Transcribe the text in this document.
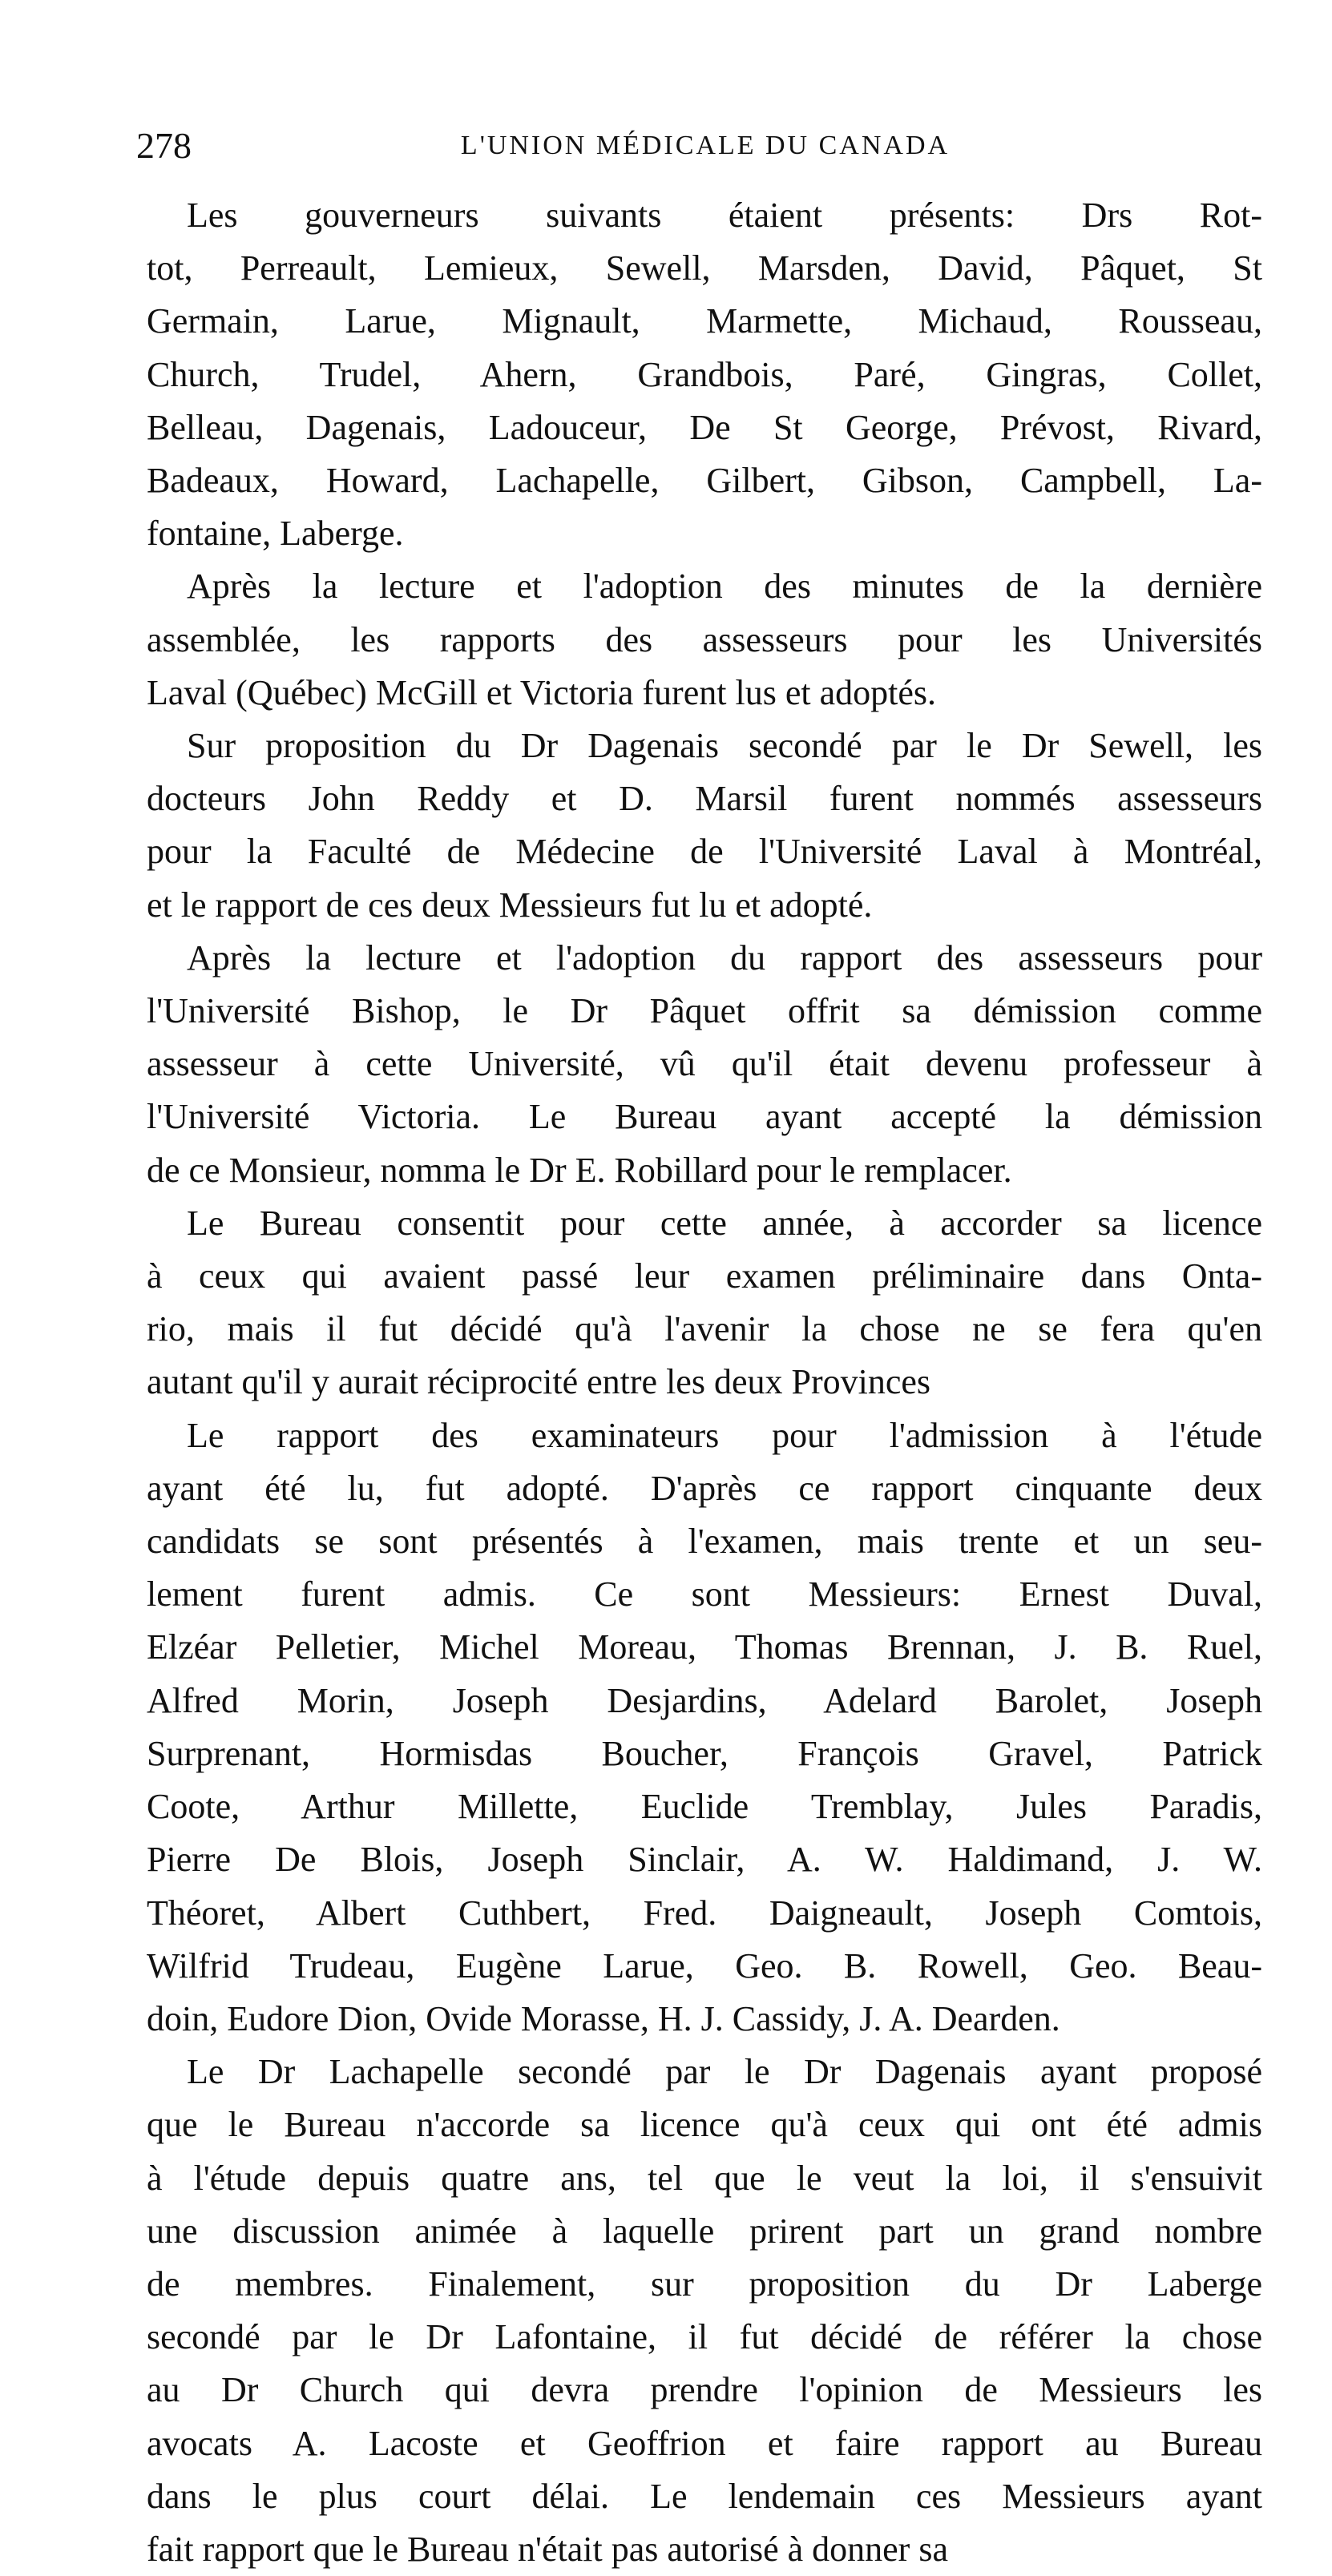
278	L'UNION MÉDICALE DU CANADA
Les gouverneurs suivants étaient présents: Drs Rot-
tot, Perreault, Lemieux, Sewell, Marsden, David, Pâquet, St
Germain, Larue, Mignault, Marmette, Michaud, Rousseau,
Church, Trudel, Ahern, Grandbois, Paré, Gingras, Collet,
Belleau, Dagenais, Ladouceur, De St George, Prévost, Rivard,
Badeaux, Howard, Lachapelle, Gilbert, Gibson, Campbell, La-
fontaine, Laberge.
Après la lecture et l'adoption des minutes de la dernière
assemblée, les rapports des assesseurs pour les Universités
Laval (Québec) McGill et Victoria furent lus et adoptés.
Sur proposition du Dr Dagenais secondé par le Dr Sewell, les
docteurs John Reddy et D. Marsil furent nommés assesseurs
pour la Faculté de Médecine de l'Université Laval à Montréal,
et le rapport de ces deux Messieurs fut lu et adopté.
Après la lecture et l'adoption du rapport des assesseurs pour
l'Université Bishop, le Dr Pâquet offrit sa démission comme
assesseur à cette Université, vû qu'il était devenu professeur à
l'Université Victoria. Le Bureau ayant accepté la démission
de ce Monsieur, nomma le Dr E. Robillard pour le remplacer.
Le Bureau consentit pour cette année, à accorder sa licence
à ceux qui avaient passé leur examen préliminaire dans Onta-
rio, mais il fut décidé qu'à l'avenir la chose ne se fera qu'en
autant qu'il y aurait réciprocité entre les deux Provinces
Le rapport des examinateurs pour l'admission à l'étude
ayant été lu, fut adopté. D'après ce rapport cinquante deux
candidats se sont présentés à l'examen, mais trente et un seu-
lement furent admis. Ce sont Messieurs: Ernest Duval,
Elzéar Pelletier, Michel Moreau, Thomas Brennan, J. B. Ruel,
Alfred Morin, Joseph Desjardins, Adelard Barolet, Joseph
Surprenant, Hormisdas Boucher, François Gravel, Patrick
Coote, Arthur Millette, Euclide Tremblay, Jules Paradis,
Pierre De Blois, Joseph Sinclair, A. W. Haldimand, J. W.
Théoret, Albert Cuthbert, Fred. Daigneault, Joseph Comtois,
Wilfrid Trudeau, Eugène Larue, Geo. B. Rowell, Geo. Beau-
doin, Eudore Dion, Ovide Morasse, H. J. Cassidy, J. A. Dearden.
Le Dr Lachapelle secondé par le Dr Dagenais ayant proposé
que le Bureau n'accorde sa licence qu'à ceux qui ont été admis
à l'étude depuis quatre ans, tel que le veut la loi, il s'ensuivit
une discussion animée à laquelle prirent part un grand nombre
de membres. Finalement, sur proposition du Dr Laberge
secondé par le Dr Lafontaine, il fut décidé de référer la chose
au Dr Church qui devra prendre l'opinion de Messieurs les
avocats A. Lacoste et Geoffrion et faire rapport au Bureau
dans le plus court délai. Le lendemain ces Messieurs ayant
fait rapport que le Bureau n'était pas autorisé à donner sa
